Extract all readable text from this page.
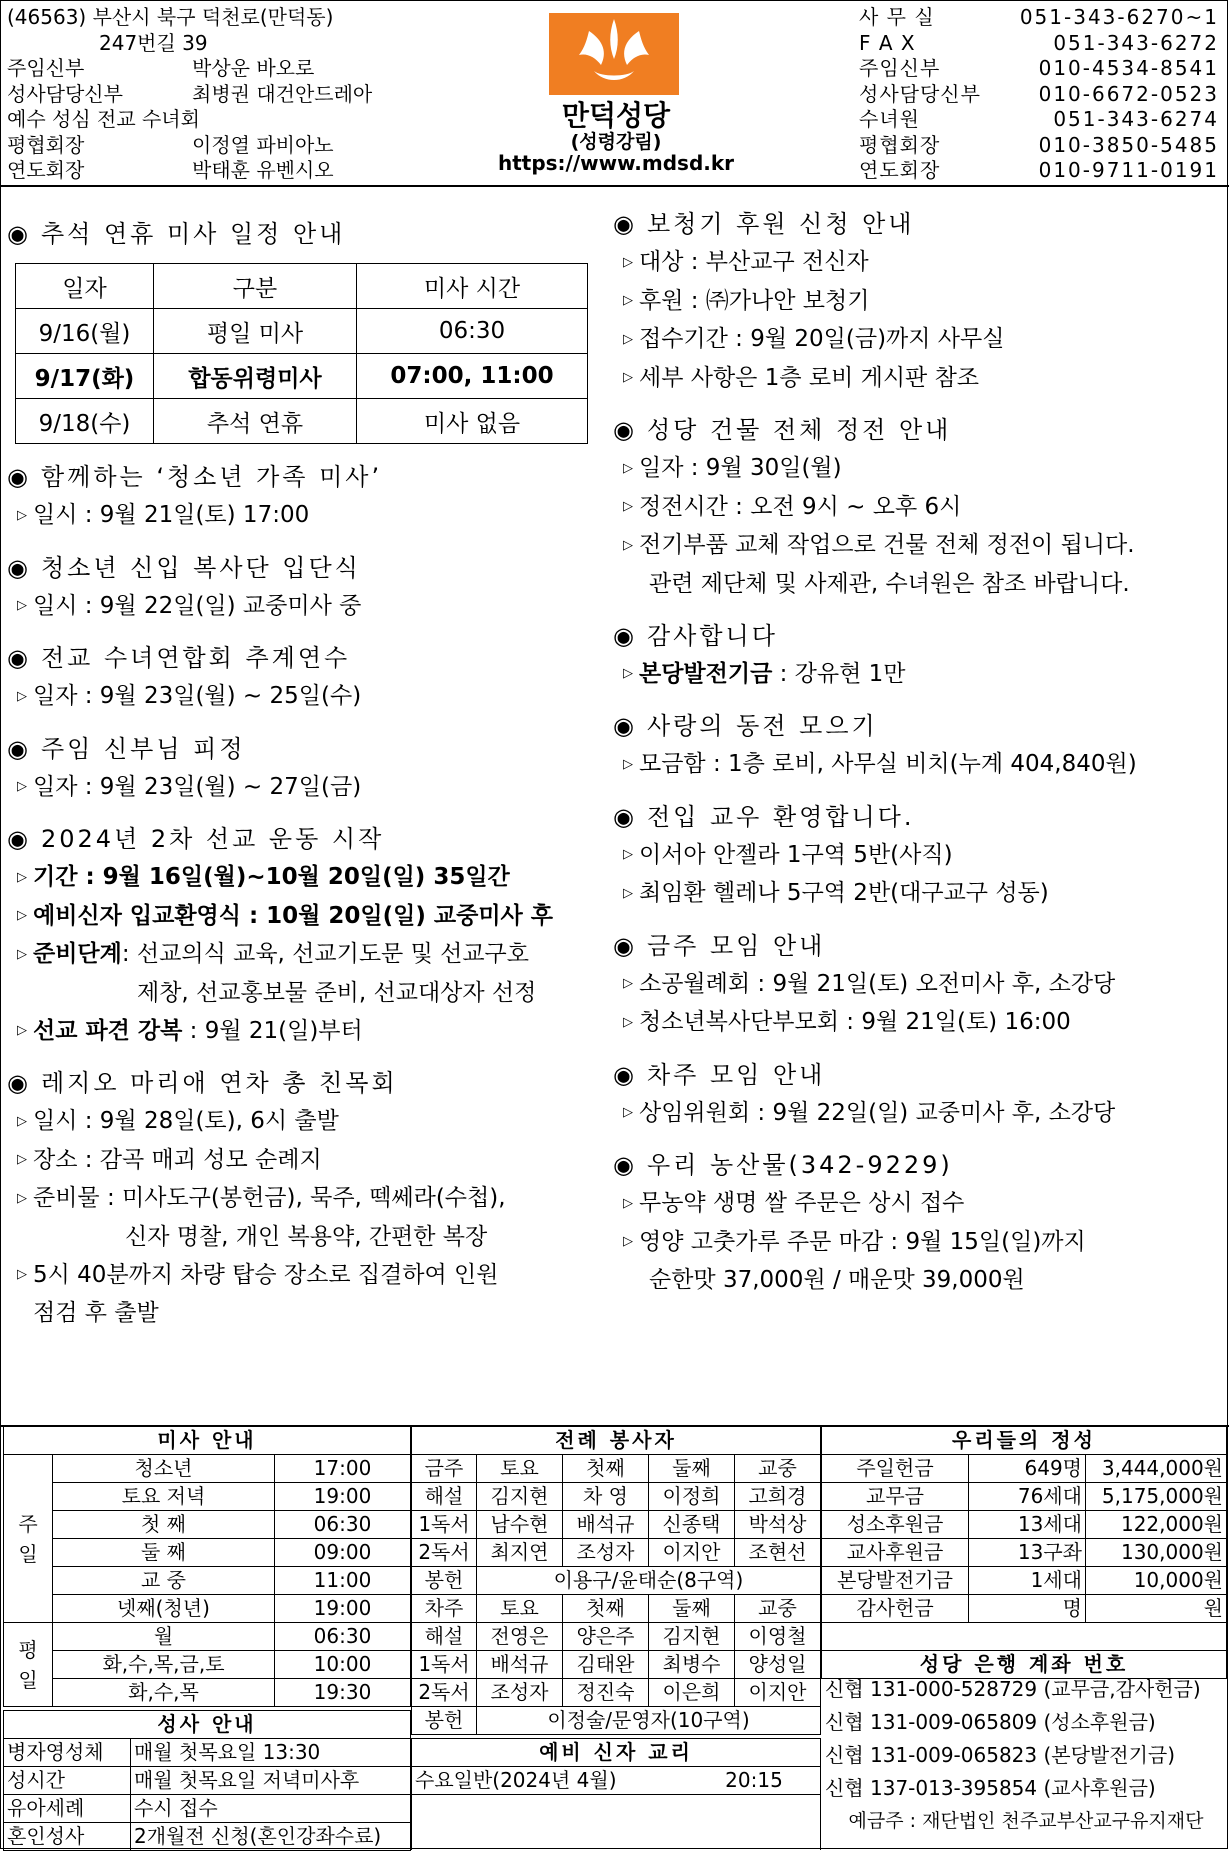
(46563) 부산시 북구 덕천로(만덕동)
247번길 39
주임신부	박상운 바오로
성사담당신부	최병권 대건안드레아
예수 성심 전교 수녀회
평협회장	이정열 파비아노
연도회장	박태훈 유벤시오
만덕성당
(성령강림)
https://www.mdsd.kr
사 무 실	051-343-6270~1
F A X	051-343-6272
주임신부	010-4534-8541
성사담당신부	010-6672-0523
수녀원	051-343-6274
평협회장	010-3850-5485
연도회장	010-9711-0191
◉ 추석 연휴 미사 일정 안내
일자	구분	미사 시간
9/16(월)	평일 미사	06:30
9/17(화)	합동위령미사	07:00, 11:00
9/18(수)	추석 연휴	미사 없음
◉ 함께하는 ‘청소년 가족 미사’
▷ 일시 : 9월 21일(토) 17:00
◉ 청소년 신입 복사단 입단식
▷ 일시 : 9월 22일(일) 교중미사 중
◉ 전교 수녀연합회 추계연수
▷ 일자 : 9월 23일(월) ~ 25일(수)
◉ 주임 신부님 피정
▷ 일자 : 9월 23일(월) ~ 27일(금)
◉ 2024년 2차 선교 운동 시작
▷ 기간 : 9월 16일(월)~10월 20일(일) 35일간
▷ 예비신자 입교환영식 : 10월 20일(일) 교중미사 후
▷ 준비단계: 선교의식 교육, 선교기도문 및 선교구호
제창, 선교홍보물 준비, 선교대상자 선정
▷ 선교 파견 강복 : 9월 21(일)부터
◉ 레지오 마리애 연차 총 친목회
▷ 일시 : 9월 28일(토), 6시 출발
▷ 장소 : 감곡 매괴 성모 순례지
▷ 준비물 : 미사도구(봉헌금), 묵주, 떽쎄라(수첩),
신자 명찰, 개인 복용약, 간편한 복장
▷ 5시 40분까지 차량 탑승 장소로 집결하여 인원
점검 후 출발
◉ 보청기 후원 신청 안내
▷ 대상 : 부산교구 전신자
▷ 후원 : ㈜가나안 보청기
▷ 접수기간 : 9월 20일(금)까지 사무실
▷ 세부 사항은 1층 로비 게시판 참조
◉ 성당 건물 전체 정전 안내
▷ 일자 : 9월 30일(월)
▷ 정전시간 : 오전 9시 ~ 오후 6시
▷ 전기부품 교체 작업으로 건물 전체 정전이 됩니다.
관련 제단체 및 사제관, 수녀원은 참조 바랍니다.
◉ 감사합니다
▷ 본당발전기금 : 강유현 1만
◉ 사랑의 동전 모으기
▷ 모금함 : 1층 로비, 사무실 비치(누계 404,840원)
◉ 전입 교우 환영합니다.
▷ 이서아 안젤라 1구역 5반(사직)
▷ 최임환 헬레나 5구역 2반(대구교구 성동)
◉ 금주 모임 안내
▷ 소공월례회 : 9월 21일(토) 오전미사 후, 소강당
▷ 청소년복사단부모회 : 9월 21일(토) 16:00
◉ 차주 모임 안내
▷ 상임위원회 : 9월 22일(일) 교중미사 후, 소강당
◉ 우리 농산물(342-9229)
▷ 무농약 생명 쌀 주문은 상시 접수
▷ 영양 고춧가루 주문 마감 : 9월 15일(일)까지
순한맛 37,000원 / 매운맛 39,000원
미사 안내		
주
일	청소년	17:00
	토요 저녁	19:00
	첫 째	06:30
	둘 째	09:00
	교 중	11:00
	넷째(청년)	19:00
평
일	월	06:30
	화,수,목,금,토	10:00
	화,수,목	19:30
성사 안내	
병자영성체	매월 첫목요일 13:30
성시간	매월 첫목요일 저녁미사후
유아세례	수시 접수
혼인성사	2개월전 신청(혼인강좌수료)
전례 봉사자				
금주	토요	첫째	둘째	교중
해설	김지현	차 영	이정희	고희경
1독서	남수현	배석규	신종택	박석상
2독서	최지연	조성자	이지안	조현선
봉헌	이용구/윤태순(8구역)			
차주	토요	첫째	둘째	교중
해설	전영은	양은주	김지현	이영철
1독서	배석규	김태완	최병수	양성일
2독서	조성자	정진숙	이은희	이지안
봉헌	이정술/문영자(10구역)			
예비 신자 교리
수요일반(2024년 4월)	20:15

우리들의 정성		
주일헌금	649명	3,444,000원
교무금	76세대	5,175,000원
성소후원금	13세대	122,000원
교사후원금	13구좌	130,000원
본당발전기금	1세대	10,000원
감사헌금	명	원

성당 은행 계좌 번호		
신협 131-000-528729 (교무금,감사헌금)
신협 131-009-065809 (성소후원금)
신협 131-009-065823 (본당발전기금)
신협 137-013-395854 (교사후원금)
예금주 : 재단법인 천주교부산교구유지재단
